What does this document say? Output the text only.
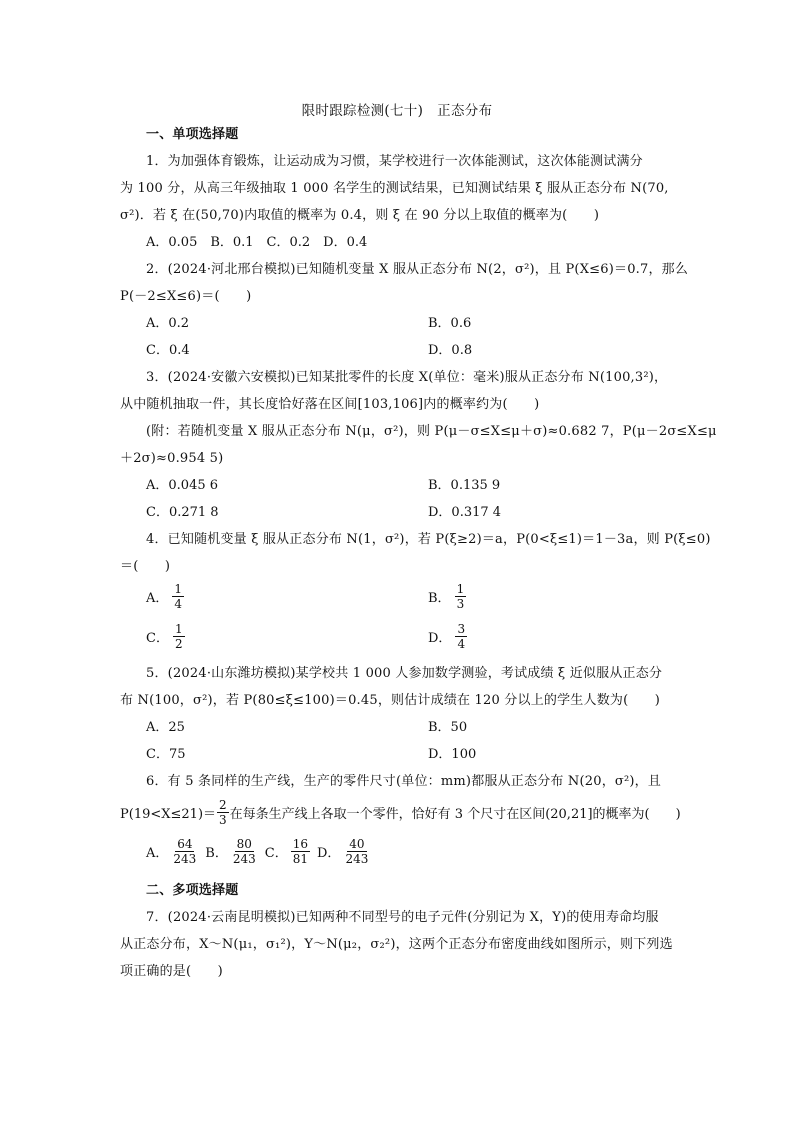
限时跟踪检测(七十) 正态分布
一、单项选择题
1．为加强体育锻炼，让运动成为习惯，某学校进行一次体能测试，这次体能测试满分
为 100 分，从高三年级抽取 1 000 名学生的测试结果，已知测试结果 ξ 服从正态分布 N(70,
σ²)．若 ξ 在(50,70)内取值的概率为 0.4，则 ξ 在 90 分以上取值的概率为(　　)
A．0.05　B．0.1　C．0.2　D．0.4
2．(2024·河北邢台模拟)已知随机变量 X 服从正态分布 N(2，σ²)，且 P(X≤6)＝0.7，那么
P(－2≤X≤6)＝(　　)
A．0.2	B．0.6
C．0.4	D．0.8
3．(2024·安徽六安模拟)已知某批零件的长度 X(单位：毫米)服从正态分布 N(100,3²)，
从中随机抽取一件，其长度恰好落在区间[103,106]内的概率约为(　　)
(附：若随机变量 X 服从正态分布 N(μ，σ²)，则 P(μ－σ≤X≤μ＋σ)≈0.682 7，P(μ－2σ≤X≤μ
＋2σ)≈0.954 5)
A．0.045 6	B．0.135 9
C．0.271 8	D．0.317 4
4．已知随机变量 ξ 服从正态分布 N(1，σ²)，若 P(ξ≥2)＝a，P(0<ξ≤1)＝1－3a，则 P(ξ≤0)
＝(　　)
A． $\frac{1}{4}$	B． $\frac{1}{3}$
C． $\frac{1}{2}$	D． $\frac{3}{4}$
5．(2024·山东潍坊模拟)某学校共 1 000 人参加数学测验，考试成绩 ξ 近似服从正态分
布 N(100，σ²)，若 P(80≤ξ≤100)＝0.45，则估计成绩在 120 分以上的学生人数为(　　)
A．25	B．50
C．75	D．100
6．有 5 条同样的生产线，生产的零件尺寸(单位：mm)都服从正态分布 N(20，σ²)，且
$P(19<X\le 21)= \frac{2}{3}$ 在每条生产线上各取一个零件，恰好有 3 个尺寸在区间(20,21]的概率为(　　)
A． $\frac{64}{243}$ B． $\frac{80}{243}$ C． $\frac{16}{81}$ D． $\frac{40}{243}$
二、多项选择题
7．(2024·云南昆明模拟)已知两种不同型号的电子元件(分别记为 X，Y)的使用寿命均服
从正态分布，X～N(μ₁，σ₁²)，Y～N(μ₂，σ₂²)，这两个正态分布密度曲线如图所示，则下列选
项正确的是(　　)
